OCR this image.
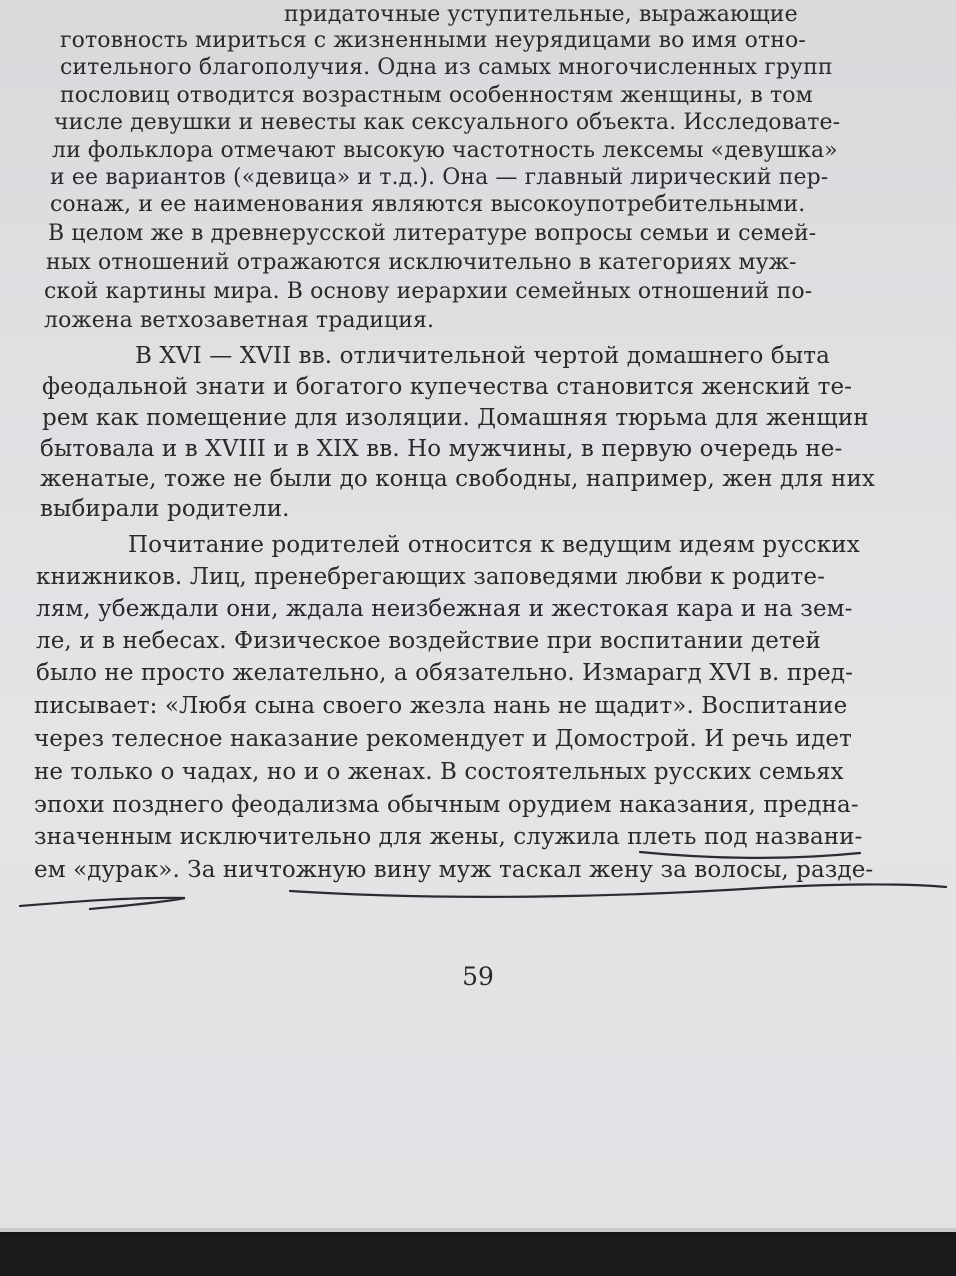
придаточные уступительные, выражающие
готовность мириться с жизненными неурядицами во имя отно-
сительного благополучия. Одна из самых многочисленных групп
пословиц отводится возрастным особенностям женщины, в том
числе девушки и невесты как сексуального объекта. Исследовате-
ли фольклора отмечают высокую частотность лексемы «девушка»
и ее вариантов («девица» и т.д.). Она — главный лирический пер-
сонаж, и ее наименования являются высокоупотребительными.
В целом же в древнерусской литературе вопросы семьи и семей-
ных отношений отражаются исключительно в категориях муж-
ской картины мира. В основу иерархии семейных отношений по-
ложена ветхозаветная традиция.
В XVI — XVII вв. отличительной чертой домашнего быта
феодальной знати и богатого купечества становится женский те-
рем как помещение для изоляции. Домашняя тюрьма для женщин
бытовала и в XVIII и в XIX вв. Но мужчины, в первую очередь не-
женатые, тоже не были до конца свободны, например, жен для них
выбирали родители.
Почитание родителей относится к ведущим идеям русских
книжников. Лиц, пренебрегающих заповедями любви к родите-
лям, убеждали они, ждала неизбежная и жестокая кара и на зем-
ле, и в небесах. Физическое воздействие при воспитании детей
было не просто желательно, а обязательно. Измарагд XVI в. пред-
писывает: «Любя сына своего жезла нань не щадит». Воспитание
через телесное наказание рекомендует и Домострой. И речь идет
не только о чадах, но и о женах. В состоятельных русских семьях
эпохи позднего феодализма обычным орудием наказания, предна-
значенным исключительно для жены, служила плеть под названи-
ем «дурак». За ничтожную вину муж таскал жену за волосы, разде-
59
